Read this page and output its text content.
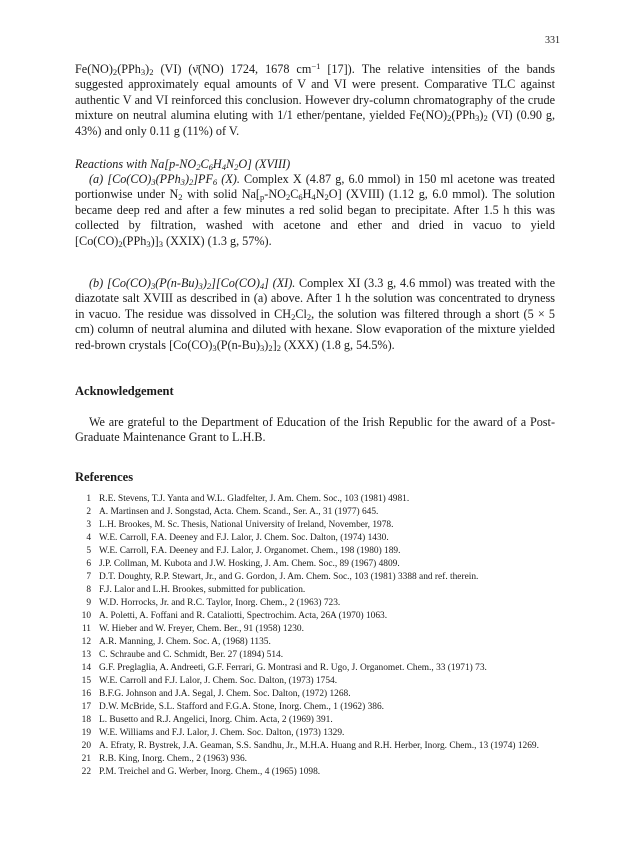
331

$Fe(NO)_2(PPh_3)_2$ (VI) (ν̄(NO) 1724, 1678 $cm^{-1}$ [17]). The relative intensities of the bands suggested approximately equal amounts of V and VI were present. Comparative TLC against authentic V and VI reinforced this conclusion. However dry-column chromatography of the crude mixture on neutral alumina eluting with 1/1 ether/pentane, yielded $Fe(NO)_2(PPh_3)_2$ (VI) (0.90 g, 43%) and only 0.11 g (11%) of V.

Reactions with $Na[p-NO_2C_6H_4N_2O]$ (XVIII)

(a) $[Co(CO)_3(PPh_3)_2]PF_6$ (X). Complex X (4.87 g, 6.0 mmol) in 150 ml acetone was treated portionwise under $N_2$ with solid $Na[_p-NO_2C_6H_4N_2O]$ (XVIII) (1.12 g, 6.0 mmol). The solution became deep red and after a few minutes a red solid began to precipitate. After 1.5 h this was collected by filtration, washed with acetone and ether and dried in vacuo to yield $[Co(CO)_2(PPh_3)]_3$ (XXIX) (1.3 g, 57%).

(b) $[Co(CO)_3(P(n-Bu)_3)_2][Co(CO)_4]$ (XI). Complex XI (3.3 g, 4.6 mmol) was treated with the diazotate salt XVIII as described in (a) above. After 1 h the solution was concentrated to dryness in vacuo. The residue was dissolved in $CH_2Cl_2$, the solution was filtered through a short (5 × 5 cm) column of neutral alumina and diluted with hexane. Slow evaporation of the mixture yielded red-brown crystals $[Co(CO)_3(P(n-Bu)_3)_2]_2$ (XXX) (1.8 g, 54.5%).

Acknowledgement

We are grateful to the Department of Education of the Irish Republic for the award of a Post-Graduate Maintenance Grant to L.H.B.

References
1 R.E. Stevens, T.J. Yanta and W.L. Gladfelter, J. Am. Chem. Soc., 103 (1981) 4981.
2 A. Martinsen and J. Songstad, Acta. Chem. Scand., Ser. A., 31 (1977) 645.
3 L.H. Brookes, M. Sc. Thesis, National University of Ireland, November, 1978.
4 W.E. Carroll, F.A. Deeney and F.J. Lalor, J. Chem. Soc. Dalton, (1974) 1430.
5 W.E. Carroll, F.A. Deeney and F.J. Lalor, J. Organomet. Chem., 198 (1980) 189.
6 J.P. Collman, M. Kubota and J.W. Hosking, J. Am. Chem. Soc., 89 (1967) 4809.
7 D.T. Doughty, R.P. Stewart, Jr., and G. Gordon, J. Am. Chem. Soc., 103 (1981) 3388 and ref. therein.
8 F.J. Lalor and L.H. Brookes, submitted for publication.
9 W.D. Horrocks, Jr. and R.C. Taylor, Inorg. Chem., 2 (1963) 723.
10 A. Poletti, A. Foffani and R. Cataliotti, Spectrochim. Acta, 26A (1970) 1063.
11 W. Hieber and W. Freyer, Chem. Ber., 91 (1958) 1230.
12 A.R. Manning, J. Chem. Soc. A, (1968) 1135.
13 C. Schraube and C. Schmidt, Ber. 27 (1894) 514.
14 G.F. Preglaglia, A. Andreeti, G.F. Ferrari, G. Montrasi and R. Ugo, J. Organomet. Chem., 33 (1971) 73.
15 W.E. Carroll and F.J. Lalor, J. Chem. Soc. Dalton, (1973) 1754.
16 B.F.G. Johnson and J.A. Segal, J. Chem. Soc. Dalton, (1972) 1268.
17 D.W. McBride, S.L. Stafford and F.G.A. Stone, Inorg. Chem., 1 (1962) 386.
18 L. Busetto and R.J. Angelici, Inorg. Chim. Acta, 2 (1969) 391.
19 W.E. Williams and F.J. Lalor, J. Chem. Soc. Dalton, (1973) 1329.
20 A. Efraty, R. Bystrek, J.A. Geaman, S.S. Sandhu, Jr., M.H.A. Huang and R.H. Herber, Inorg. Chem., 13 (1974) 1269.
21 R.B. King, Inorg. Chem., 2 (1963) 936.
22 P.M. Treichel and G. Werber, Inorg. Chem., 4 (1965) 1098.
